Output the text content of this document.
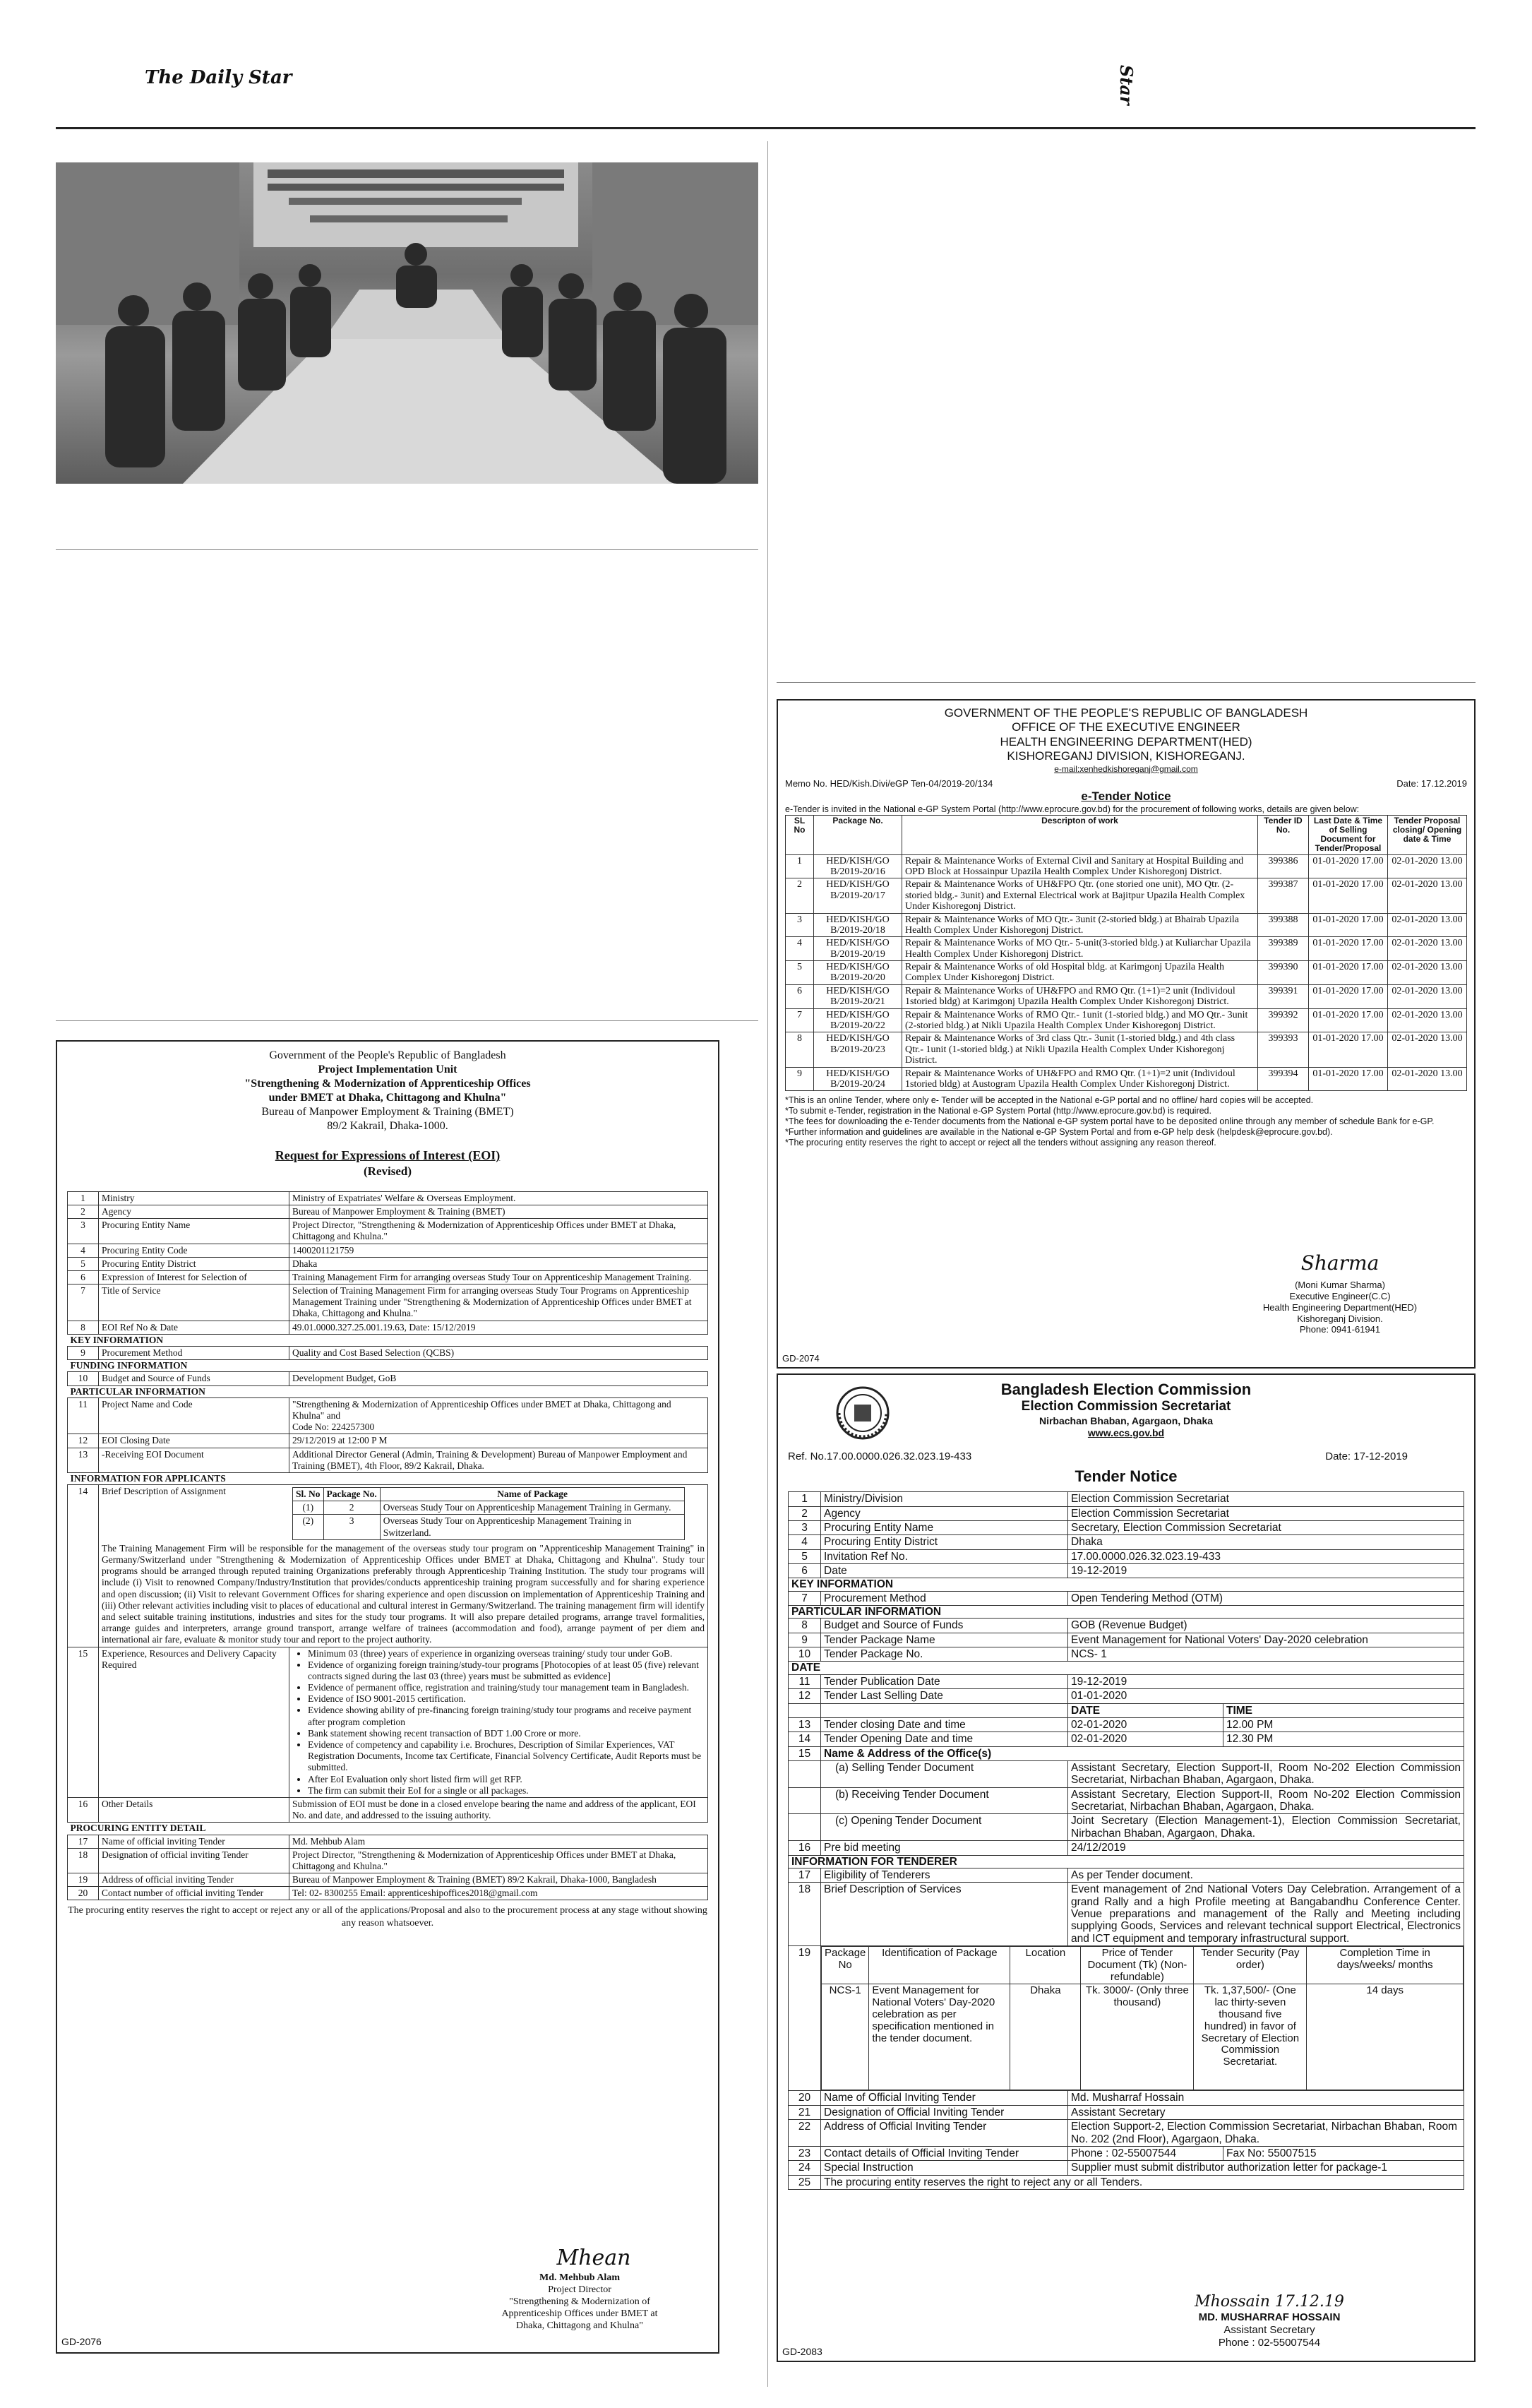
The Daily Star	Star
Government of the People's Republic of Bangladesh
Project Implementation Unit
"Strengthening & Modernization of Apprenticeship Offices
under BMET at Dhaka, Chittagong and Khulna"
Bureau of Manpower Employment & Training (BMET)
89/2 Kakrail, Dhaka-1000.
Request for Expressions of Interest (EOI)
(Revised)
1	Ministry	Ministry of Expatriates' Welfare & Overseas Employment.
2	Agency	Bureau of Manpower Employment & Training (BMET)
3	Procuring Entity Name	Project Director, "Strengthening & Modernization of Apprenticeship Offices under BMET at Dhaka, Chittagong and Khulna."
4	Procuring Entity Code	1400201121759
5	Procuring Entity District	Dhaka
6	Expression of Interest for Selection of	Training Management Firm for arranging overseas Study Tour on Apprenticeship Management Training.
7	Title of Service	Selection of Training Management Firm for arranging overseas Study Tour Programs on Apprenticeship Management Training under "Strengthening & Modernization of Apprenticeship Offices under BMET at Dhaka, Chittagong and Khulna."
8	EOI Ref No & Date	49.01.0000.327.25.001.19.63, Date: 15/12/2019
KEY INFORMATION
9	Procurement Method	Quality and Cost Based Selection (QCBS)
FUNDING INFORMATION
10	Budget and Source of Funds	Development Budget, GoB
PARTICULAR INFORMATION
11	Project Name and Code	"Strengthening & Modernization of Apprenticeship Offices under BMET at Dhaka, Chittagong and Khulna" and
Code No: 224257300

12	EOI Closing Date	29/12/2019 at 12:00 P M
13	-Receiving EOI Document	Additional Director General (Admin, Training & Development) Bureau of Manpower Employment and Training (BMET), 4th Floor, 89/2 Kakrail, Dhaka.
INFORMATION FOR APPLICANTS
14	Brief Description of Assignment	Sl. No	Package No.	Name of Package
(1)	2	Overseas Study Tour on Apprenticeship Management Training in Germany.
(2)	3	Overseas Study Tour on Apprenticeship Management Training in Switzerland.
The Training Management Firm will be responsible for the management of the overseas study tour program on "Apprenticeship Management Training" in Germany/Switzerland under "Strengthening & Modernization of Apprenticeship Offices under BMET at Dhaka, Chittagong and Khulna". Study tour programs should be arranged through reputed training Organizations preferably through Apprenticeship Training Institution. The study tour programs will include (i) Visit to renowned Company/Industry/Institution that provides/conducts apprenticeship training program successfully and for sharing experience and open discussion; (ii) Visit to relevant Government Offices for sharing experience and open discussion on implementation of Apprenticeship Training and (iii) Other relevant activities including visit to places of educational and cultural interest in Germany/Switzerland. The training management firm will identify and select suitable training institutions, industries and sites for the study tour programs. It will also prepare detailed programs, arrange travel formalities, arrange guides and interpreters, arrange ground transport, arrange welfare of trainees (accommodation and food), arrange payment of per diem and international air fare, evaluate & monitor study tour and report to the project authority.

15	Experience, Resources and Delivery Capacity Required	
• Minimum 03 (three) years of experience in organizing overseas training/ study tour under GoB.
• Evidence of organizing foreign training/study-tour programs [Photocopies of at least 05 (five) relevant contracts signed during the last 03 (three) years must be submitted as evidence]
• Evidence of permanent office, registration and training/study tour management team in Bangladesh.
• Evidence of ISO 9001-2015 certification.
• Evidence showing ability of pre-financing foreign training/study tour programs and receive payment after program completion
• Bank statement showing recent transaction of BDT 1.00 Crore or more.
• Evidence of competency and capability i.e. Brochures, Description of Similar Experiences, VAT Registration Documents, Income tax Certificate, Financial Solvency Certificate, Audit Reports must be submitted.
• After EoI Evaluation only short listed firm will get RFP.
• The firm can submit their EoI for a single or all packages.

16	Other Details	Submission of EOI must be done in a closed envelope bearing the name and address of the applicant, EOI No. and date, and addressed to the issuing authority.
PROCURING ENTITY DETAIL
17	Name of official inviting Tender	Md. Mehbub Alam
18	Designation of official inviting Tender	Project Director, "Strengthening & Modernization of Apprenticeship Offices under BMET at Dhaka, Chittagong and Khulna."
19	Address of official inviting Tender	Bureau of Manpower Employment & Training (BMET) 89/2 Kakrail, Dhaka-1000, Bangladesh
20	Contact number of official inviting Tender	Tel: 02- 8300255 Email: apprenticeshipoffices2018@gmail.com
The procuring entity reserves the right to accept or reject any or all of the applications/Proposal and also to the procurement process at any stage without showing any reason whatsoever.
Mhean
Md. Mehbub Alam
Project Director
"Strengthening & Modernization of
Apprenticeship Offices under BMET at
Dhaka, Chittagong and Khulna"
GD-2076
GOVERNMENT OF THE PEOPLE'S REPUBLIC OF BANGLADESH
OFFICE OF THE EXECUTIVE ENGINEER
HEALTH ENGINEERING DEPARTMENT(HED)
KISHOREGANJ DIVISION, KISHOREGANJ.
e-mail:xenhedkishoreganj@gmail.com
Memo No. HED/Kish.Divi/eGP Ten-04/2019-20/134	Date: 17.12.2019
e-Tender Notice
e-Tender is invited in the National e-GP System Portal (http://www.eprocure.gov.bd) for the procurement of following works, details are given below:
SL No	Package No.	Descripton of work	Tender ID No.	Last Date & Time of Selling Document for Tender/Proposal	Tender Proposal closing/ Opening date & Time
1	HED/KISH/GO B/2019-20/16	Repair & Maintenance Works of External Civil and Sanitary at Hospital Building and OPD Block at Hossainpur Upazila Health Complex Under Kishoregonj District.	399386	01-01-2020 17.00	02-01-2020 13.00
2	HED/KISH/GO B/2019-20/17	Repair & Maintenance Works of UH&FPO Qtr. (one storied one unit), MO Qtr. (2-storied bldg.- 3unit) and External Electrical work at Bajitpur Upazila Health Complex Under Kishoregonj District.	399387	01-01-2020 17.00	02-01-2020 13.00
3	HED/KISH/GO B/2019-20/18	Repair & Maintenance Works of MO Qtr.- 3unit (2-storied bldg.) at Bhairab Upazila Health Complex Under Kishoregonj District.	399388	01-01-2020 17.00	02-01-2020 13.00
4	HED/KISH/GO B/2019-20/19	Repair & Maintenance Works of MO Qtr.- 5-unit(3-storied bldg.) at Kuliarchar Upazila Health Complex Under Kishoregonj District.	399389	01-01-2020 17.00	02-01-2020 13.00
5	HED/KISH/GO B/2019-20/20	Repair & Maintenance Works of old Hospital bldg. at Karimgonj Upazila Health Complex Under Kishoregonj District.	399390	01-01-2020 17.00	02-01-2020 13.00
6	HED/KISH/GO B/2019-20/21	Repair & Maintenance Works of UH&FPO and RMO Qtr. (1+1)=2 unit (Individoul 1storied bldg) at Karimgonj Upazila Health Complex Under Kishoregonj District.	399391	01-01-2020 17.00	02-01-2020 13.00
7	HED/KISH/GO B/2019-20/22	Repair & Maintenance Works of RMO Qtr.- 1unit (1-storied bldg.) and MO Qtr.- 3unit (2-storied bldg.) at Nikli Upazila Health Complex Under Kishoregonj District.	399392	01-01-2020 17.00	02-01-2020 13.00
8	HED/KISH/GO B/2019-20/23	Repair & Maintenance Works of 3rd class Qtr.- 3unit (1-storied bldg.) and 4th class Qtr.- 1unit (1-storied bldg.) at Nikli Upazila Health Complex Under Kishoregonj District.	399393	01-01-2020 17.00	02-01-2020 13.00
9	HED/KISH/GO B/2019-20/24	Repair & Maintenance Works of UH&FPO and RMO Qtr. (1+1)=2 unit (Individoul 1storied bldg) at Austogram Upazila Health Complex Under Kishoregonj District.	399394	01-01-2020 17.00	02-01-2020 13.00
*This is an online Tender, where only e- Tender will be accepted in the National e-GP portal and no offline/ hard copies will be accepted.
*To submit e-Tender, registration in the National e-GP System Portal (http://www.eprocure.gov.bd) is required.
*The fees for downloading the e-Tender documents from the National e-GP system portal have to be deposited online through any member of schedule Bank for e-GP.
*Further information and guidelines are available in the National e-GP System Portal and from e-GP help desk (helpdesk@eprocure.gov.bd).
*The procuring entity reserves the right to accept or reject all the tenders without assigning any reason thereof.
Sharma
(Moni Kumar Sharma)
Executive Engineer(C.C)
Health Engineering Department(HED)
Kishoreganj Division.
Phone: 0941-61941
GD-2074
Bangladesh Election Commission
Election Commission Secretariat
Nirbachan Bhaban, Agargaon, Dhaka
www.ecs.gov.bd
Ref. No.17.00.0000.026.32.023.19-433	Date: 17-12-2019
Tender Notice
1	Ministry/Division	Election Commission Secretariat
2	Agency	Election Commission Secretariat
3	Procuring Entity Name	Secretary, Election Commission Secretariat
4	Procuring Entity District	Dhaka
5	Invitation Ref No.	17.00.0000.026.32.023.19-433
6	Date	19-12-2019
KEY INFORMATION
7	Procurement Method	Open Tendering Method (OTM)
PARTICULAR INFORMATION
8	Budget and Source of Funds	GOB (Revenue Budget)
9	Tender Package Name	Event Management for National Voters' Day-2020 celebration
10	Tender Package No.	NCS- 1
DATE
11	Tender Publication Date	19-12-2019
12	Tender Last Selling Date	01-01-2020
		DATE	TIME
13	Tender closing Date and time	02-01-2020	12.00 PM
14	Tender Opening Date and time	02-01-2020	12.30 PM
15	Name & Address of the Office(s)
	(a) Selling Tender Document	Assistant Secretary, Election Support-II, Room No-202 Election Commission Secretariat, Nirbachan Bhaban, Agargaon, Dhaka.
	(b) Receiving Tender Document	Assistant Secretary, Election Support-II, Room No-202 Election Commission Secretariat, Nirbachan Bhaban, Agargaon, Dhaka.
	(c) Opening Tender Document	Joint Secretary (Election Management-1), Election Commission Secretariat, Nirbachan Bhaban, Agargaon, Dhaka.
16	Pre bid meeting	24/12/2019
INFORMATION FOR TENDERER
17	Eligibility of Tenderers	As per Tender document.
18	Brief Description of Services	Event management of 2nd National Voters Day Celebration. Arrangement of a grand Rally and a high Profile meeting at Bangabandhu Conference Center. Venue preparations and management of the Rally and Meeting including supplying Goods, Services and relevant technical support Electrical, Electronics and ICT equipment and temporary infrastructural support.
19	Package No	Identification of Package	Location	Price of Tender Document (Tk) (Non-refundable)	Tender Security (Pay order)	Completion Time in days/weeks/ months
NCS-1	Event Management for National Voters' Day-2020 celebration as per specification mentioned in the tender document.	Dhaka	Tk. 3000/- (Only three thousand)	Tk. 1,37,500/- (One lac thirty-seven thousand five hundred) in favor of Secretary of Election Commission Secretariat.	14 days

20	Name of Official Inviting Tender	Md. Musharraf Hossain
21	Designation of Official Inviting Tender	Assistant Secretary
22	Address of Official Inviting Tender	Election Support-2, Election Commission Secretariat, Nirbachan Bhaban, Room No. 202 (2nd Floor), Agargaon, Dhaka.
23	Contact details of Official Inviting Tender	Phone : 02-55007544	Fax No: 55007515
24	Special Instruction	Supplier must submit distributor authorization letter for package-1
25	The procuring entity reserves the right to reject any or all Tenders.
Mhossain 17.12.19
MD. MUSHARRAF HOSSAIN
Assistant Secretary
Phone : 02-55007544
GD-2083
